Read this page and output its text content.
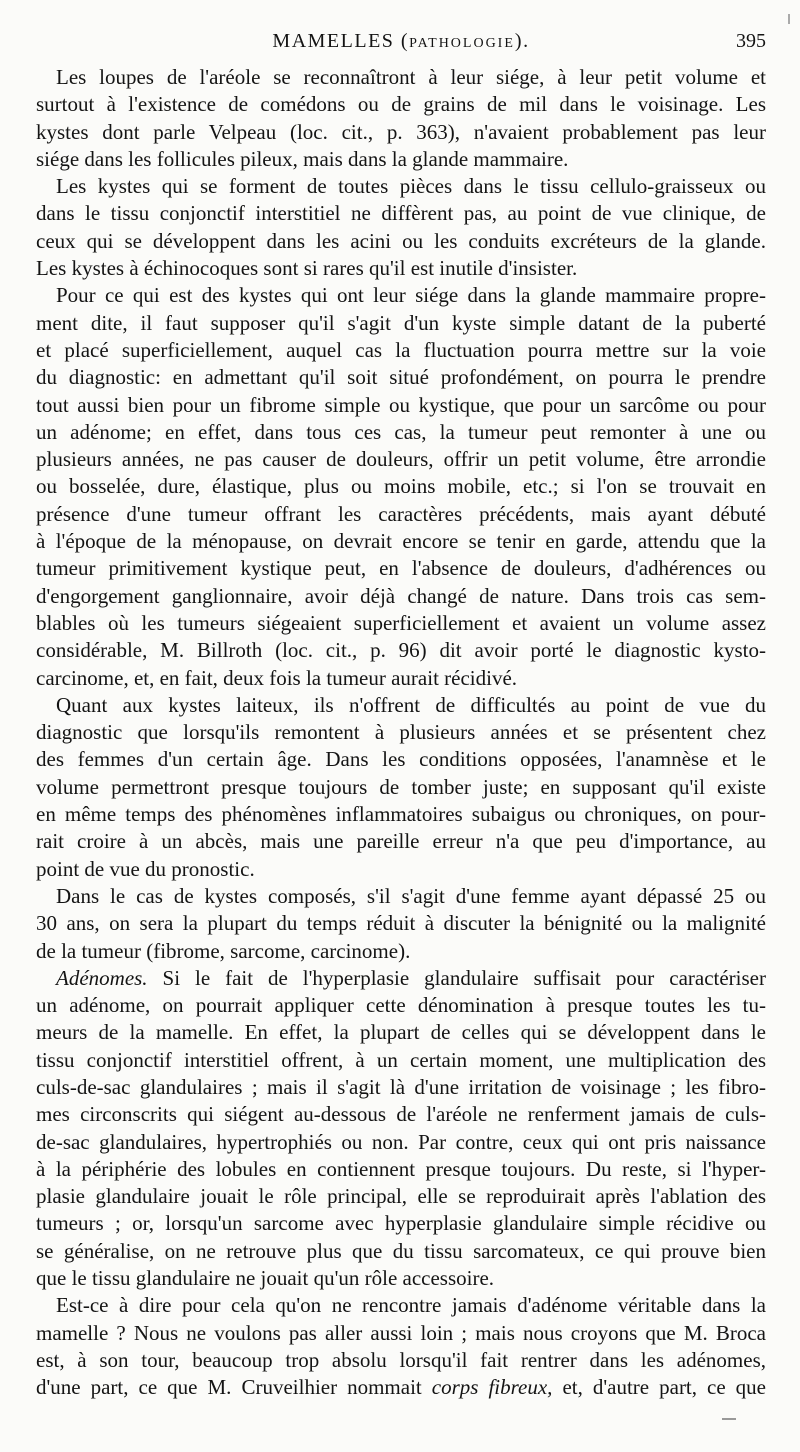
MAMELLES (PATHOLOGIE).	395
Les loupes de l'aréole se reconnaîtront à leur siége, à leur petit volume et
surtout à l'existence de comédons ou de grains de mil dans le voisinage. Les
kystes dont parle Velpeau (loc. cit., p. 363), n'avaient probablement pas leur
siége dans les follicules pileux, mais dans la glande mammaire.
Les kystes qui se forment de toutes pièces dans le tissu cellulo-graisseux ou
dans le tissu conjonctif interstitiel ne diffèrent pas, au point de vue clinique, de
ceux qui se développent dans les acini ou les conduits excréteurs de la glande.
Les kystes à échinocoques sont si rares qu'il est inutile d'insister.
Pour ce qui est des kystes qui ont leur siége dans la glande mammaire propre-
ment dite, il faut supposer qu'il s'agit d'un kyste simple datant de la puberté
et placé superficiellement, auquel cas la fluctuation pourra mettre sur la voie
du diagnostic: en admettant qu'il soit situé profondément, on pourra le prendre
tout aussi bien pour un fibrome simple ou kystique, que pour un sarcôme ou pour
un adénome; en effet, dans tous ces cas, la tumeur peut remonter à une ou
plusieurs années, ne pas causer de douleurs, offrir un petit volume, être arrondie
ou bosselée, dure, élastique, plus ou moins mobile, etc.; si l'on se trouvait en
présence d'une tumeur offrant les caractères précédents, mais ayant débuté
à l'époque de la ménopause, on devrait encore se tenir en garde, attendu que la
tumeur primitivement kystique peut, en l'absence de douleurs, d'adhérences ou
d'engorgement ganglionnaire, avoir déjà changé de nature. Dans trois cas sem-
blables où les tumeurs siégeaient superficiellement et avaient un volume assez
considérable, M. Billroth (loc. cit., p. 96) dit avoir porté le diagnostic kysto-
carcinome, et, en fait, deux fois la tumeur aurait récidivé.
Quant aux kystes laiteux, ils n'offrent de difficultés au point de vue du
diagnostic que lorsqu'ils remontent à plusieurs années et se présentent chez
des femmes d'un certain âge. Dans les conditions opposées, l'anamnèse et le
volume permettront presque toujours de tomber juste; en supposant qu'il existe
en même temps des phénomènes inflammatoires subaigus ou chroniques, on pour-
rait croire à un abcès, mais une pareille erreur n'a que peu d'importance, au
point de vue du pronostic.
Dans le cas de kystes composés, s'il s'agit d'une femme ayant dépassé 25 ou
30 ans, on sera la plupart du temps réduit à discuter la bénignité ou la malignité
de la tumeur (fibrome, sarcome, carcinome).
Adénomes. Si le fait de l'hyperplasie glandulaire suffisait pour caractériser
un adénome, on pourrait appliquer cette dénomination à presque toutes les tu-
meurs de la mamelle. En effet, la plupart de celles qui se développent dans le
tissu conjonctif interstitiel offrent, à un certain moment, une multiplication des
culs-de-sac glandulaires ; mais il s'agit là d'une irritation de voisinage ; les fibro-
mes circonscrits qui siégent au-dessous de l'aréole ne renferment jamais de culs-
de-sac glandulaires, hypertrophiés ou non. Par contre, ceux qui ont pris naissance
à la périphérie des lobules en contiennent presque toujours. Du reste, si l'hyper-
plasie glandulaire jouait le rôle principal, elle se reproduirait après l'ablation des
tumeurs ; or, lorsqu'un sarcome avec hyperplasie glandulaire simple récidive ou
se généralise, on ne retrouve plus que du tissu sarcomateux, ce qui prouve bien
que le tissu glandulaire ne jouait qu'un rôle accessoire.
Est-ce à dire pour cela qu'on ne rencontre jamais d'adénome véritable dans la
mamelle ? Nous ne voulons pas aller aussi loin ; mais nous croyons que M. Broca
est, à son tour, beaucoup trop absolu lorsqu'il fait rentrer dans les adénomes,
d'une part, ce que M. Cruveilhier nommait corps fibreux, et, d'autre part, ce que
